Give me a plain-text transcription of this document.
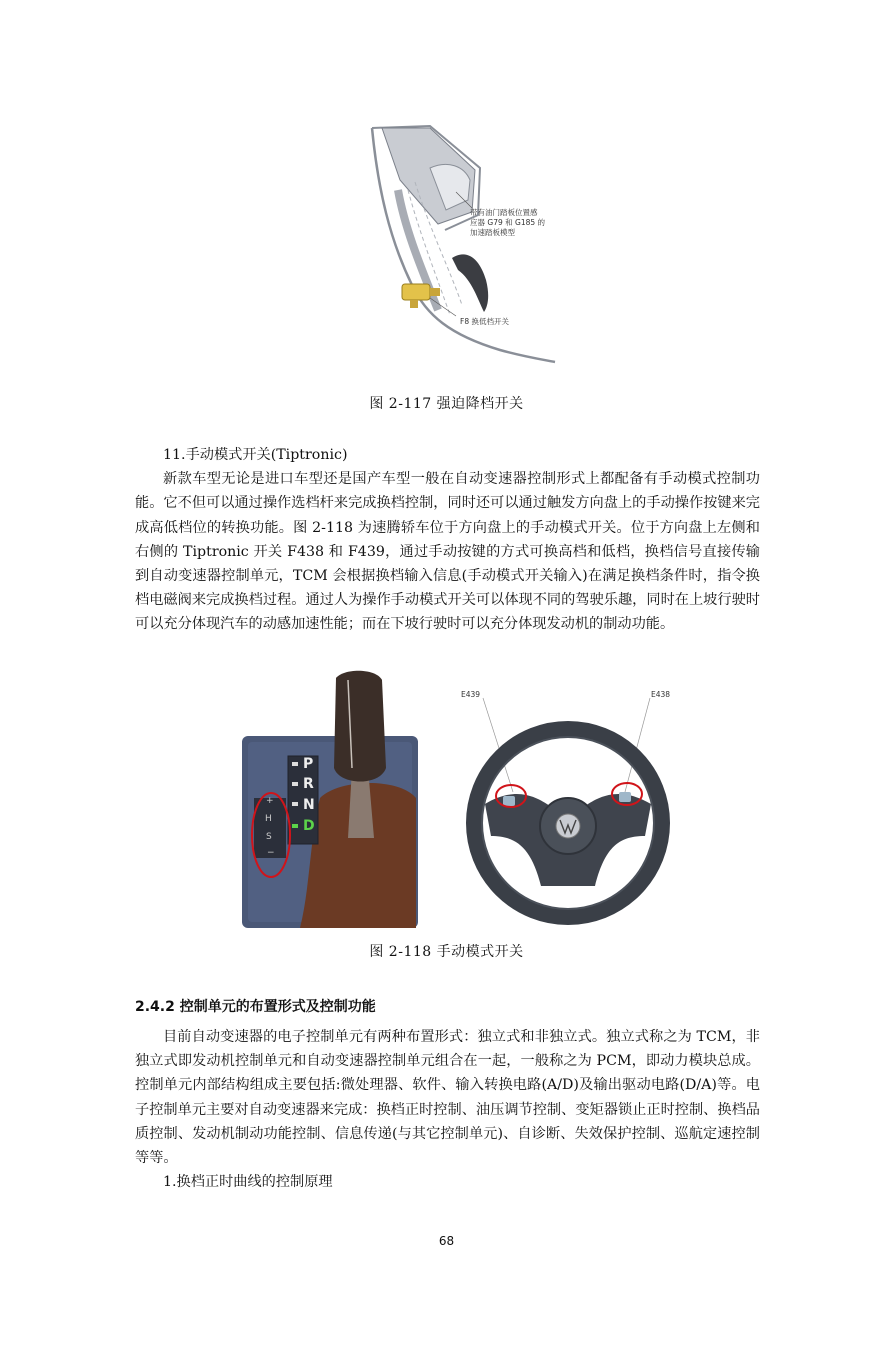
带有油门踏板位置感
应器 G79 和 G185 的
加速踏板模型
F8 换低档开关
图 2-117 强迫降档开关

11.手动模式开关(Tiptronic)

新款车型无论是进口车型还是国产车型一般在自动变速器控制形式上都配备有手动模式控制功能。它不但可以通过操作选档杆来完成换档控制，同时还可以通过触发方向盘上的手动操作按键来完成高低档位的转换功能。图 2-118 为速腾轿车位于方向盘上的手动模式开关。位于方向盘上左侧和右侧的 Tiptronic 开关 F438 和 F439，通过手动按键的方式可换高档和低档，换档信号直接传输到自动变速器控制单元，TCM 会根据换档输入信息(手动模式开关输入)在满足换档条件时，指令换档电磁阀来完成换档过程。通过人为操作手动模式开关可以体现不同的驾驶乐趣，同时在上坡行驶时可以充分体现汽车的动感加速性能；而在下坡行驶时可以充分体现发动机的制动功能。

P
R
N
D
+
H
S
−
E439	E438
图 2-118 手动模式开关
2.4.2 控制单元的布置形式及控制功能

目前自动变速器的电子控制单元有两种布置形式：独立式和非独立式。独立式称之为 TCM，非独立式即发动机控制单元和自动变速器控制单元组合在一起，一般称之为 PCM，即动力模块总成。控制单元内部结构组成主要包括:微处理器、软件、输入转换电路(A/D)及输出驱动电路(D/A)等。电子控制单元主要对自动变速器来完成：换档正时控制、油压调节控制、变矩器锁止正时控制、换档品质控制、发动机制动功能控制、信息传递(与其它控制单元)、自诊断、失效保护控制、巡航定速控制等等。

1.换档正时曲线的控制原理

68
